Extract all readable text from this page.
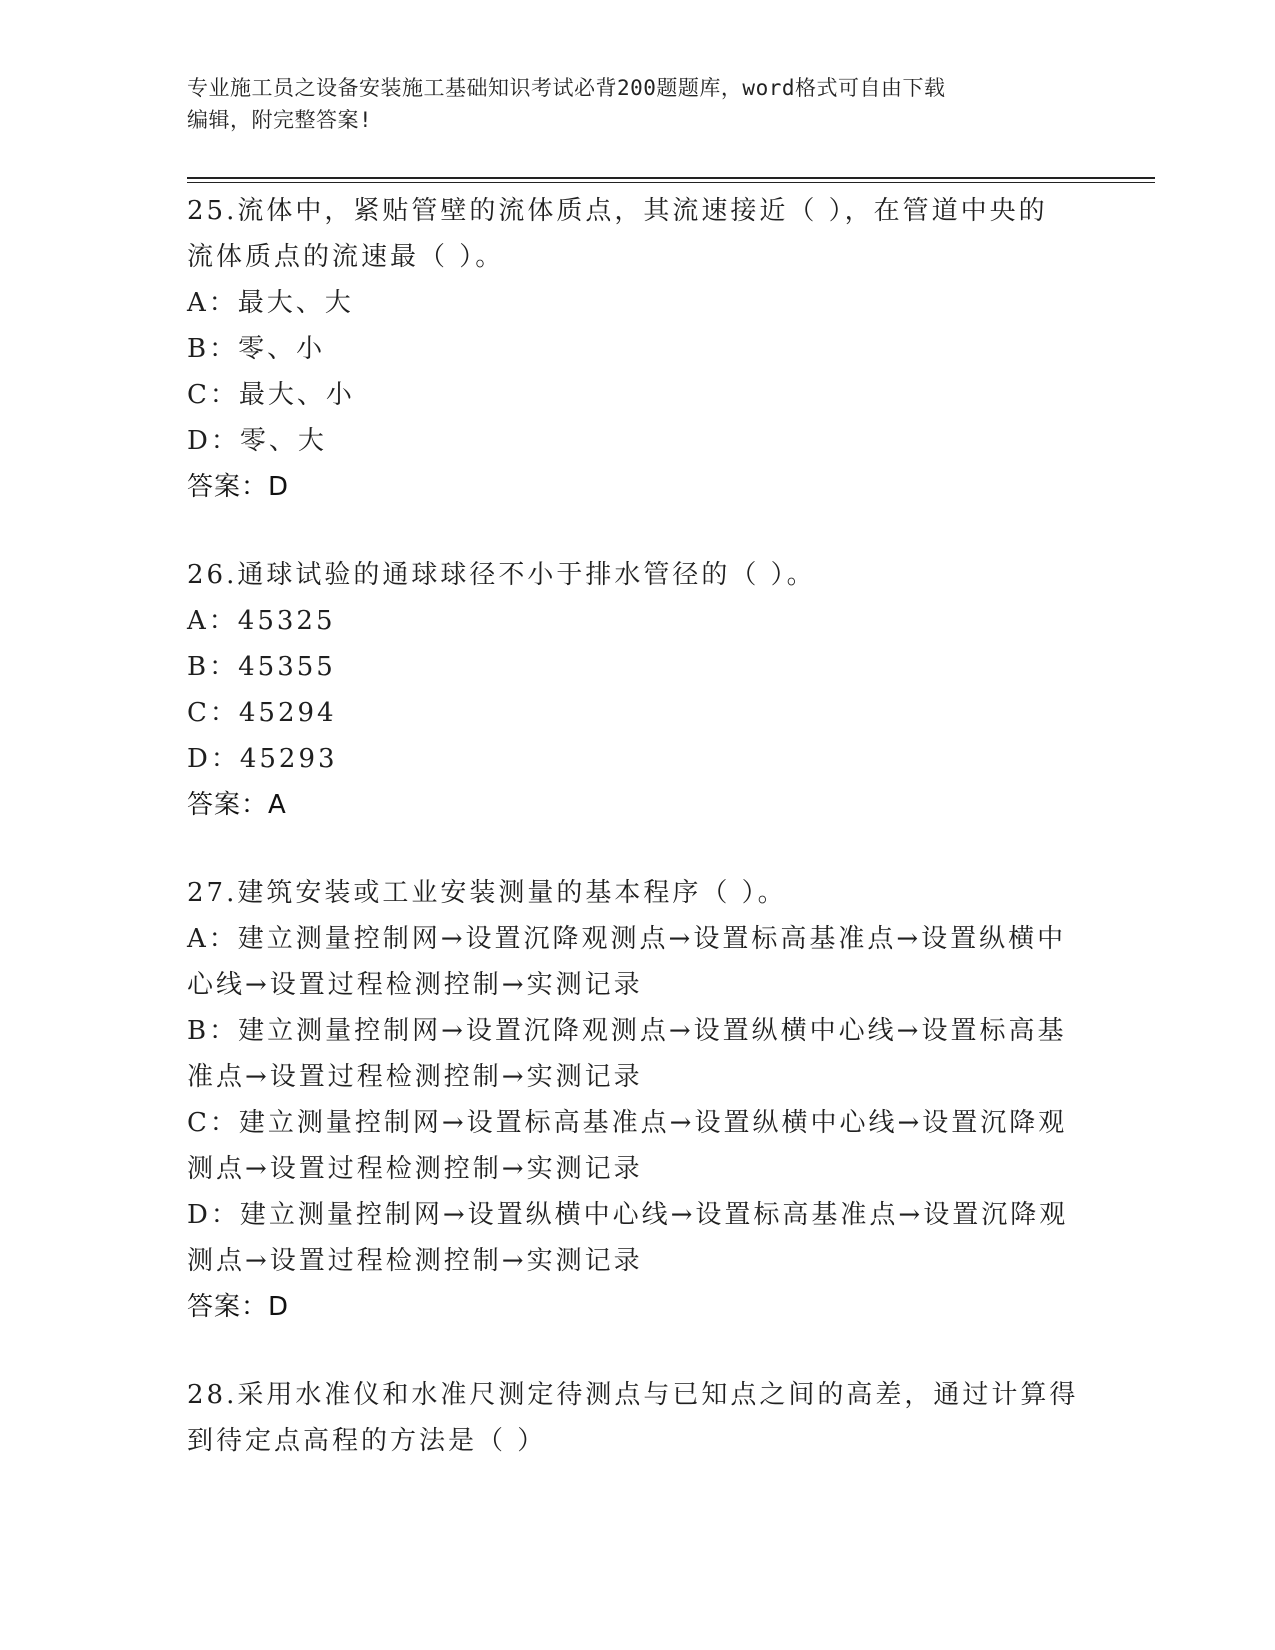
专业施工员之设备安装施工基础知识考试必背200题题库，word格式可自由下载
编辑，附完整答案!

25.流体中，紧贴管壁的流体质点，其流速接近（ ），在管道中央的

流体质点的流速最（ ）。

A：最大、大

B：零、小

C：最大、小

D：零、大

答案：D

26.通球试验的通球球径不小于排水管径的（ ）。

A：45325

B：45355

C：45294

D：45293

答案：A

27.建筑安装或工业安装测量的基本程序（ ）。

A：建立测量控制网→设置沉降观测点→设置标高基准点→设置纵横中

心线→设置过程检测控制→实测记录

B：建立测量控制网→设置沉降观测点→设置纵横中心线→设置标高基

准点→设置过程检测控制→实测记录

C：建立测量控制网→设置标高基准点→设置纵横中心线→设置沉降观

测点→设置过程检测控制→实测记录

D：建立测量控制网→设置纵横中心线→设置标高基准点→设置沉降观

测点→设置过程检测控制→实测记录

答案：D

28.采用水准仪和水准尺测定待测点与已知点之间的高差，通过计算得

到待定点高程的方法是（ ）
